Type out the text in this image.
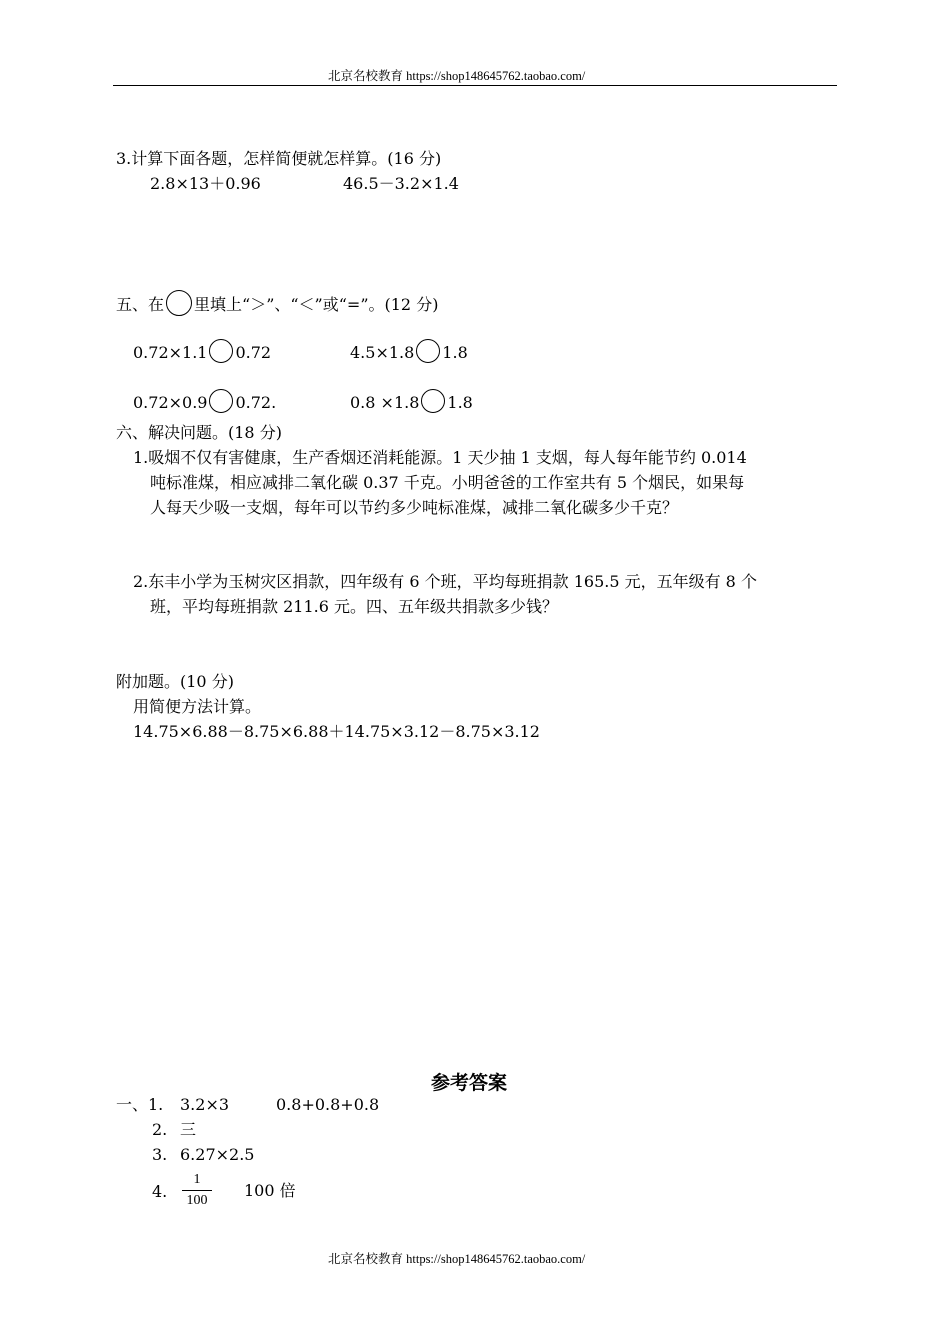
北京名校教育 https://shop148645762.taobao.com/
3.计算下面各题，怎样简便就怎样算。(16 分)
2.8×13＋0.96	46.5－3.2×1.4
五、在 里填上“＞”、“＜”或“=”。(12 分)
0.72×1.1 0.72	4.5×1.8 1.8
0.72×0.9 0.72.	0.8 ×1.8 1.8
六、解决问题。(18 分)
1.吸烟不仅有害健康，生产香烟还消耗能源。1 天少抽 1 支烟，每人每年能节约 0.014
吨标准煤，相应减排二氧化碳 0.37 千克。小明爸爸的工作室共有 5 个烟民，如果每
人每天少吸一支烟，每年可以节约多少吨标准煤，减排二氧化碳多少千克？
2.东丰小学为玉树灾区捐款，四年级有 6 个班，平均每班捐款 165.5 元，五年级有 8 个
班，平均每班捐款 211.6 元。四、五年级共捐款多少钱？
附加题。(10 分)
用简便方法计算。
14.75×6.88－8.75×6.88＋14.75×3.12－8.75×3.12
参考答案
一、1. 3.2×3	0.8+0.8+0.8
2. 三
3. 6.27×2.5
4.
1
100
100 倍
北京名校教育 https://shop148645762.taobao.com/
